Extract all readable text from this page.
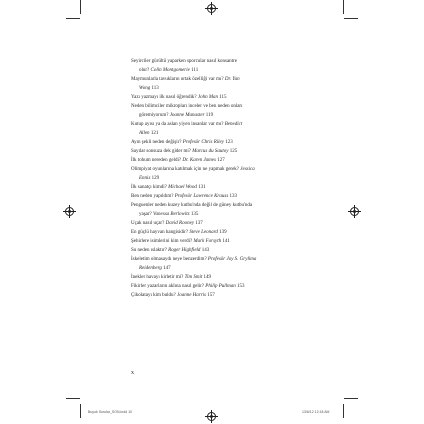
Seyirciler gürültü yaparken sporcular nasıl konsantre
olur? Colin Montgomerie 111
Maymunlarla tavukların ortak özelliği var mı? Dr. Yan
Wong 113
Yazı yazmayı ilk nasıl öğrendik? John Man 115
Neden bilimciler mikropları inceler ve ben neden onları
göremiyorum? Joanne Manaster 119
Kutup ayısı ya da aslan yiyen insanlar var mı? Benedict
Allen 121
Ayın şekli neden değişir? Profesör Chris Riley 123
Sayılar sonsuza dek gider mi? Marcus du Sautoy 125
İlk tohum nereden geldi? Dr. Karen James 127
Olimpiyat oyunlarına katılmak için ne yapmak gerek? Jessica
Ennis 129
İlk sanatçı kimdi? Michael Wood 131
Ben neden yapıldım? Profesör Lawrence Krauss 133
Penguenler neden kuzey kutbu'nda değil de güney kutbu'nda
yaşar? Vanessa Berlowitz 135
Uçak nasıl uçar? David Rooney 137
En güçlü hayvan hangisidir? Steve Leonard 139
Şehirlere isimlerini kim verdi? Mark Forsyth 141
Su neden ıslaktır? Roger Highfield 143
İskeletim olmasaydı neye benzerdim? Profesör Joy S. Grylima
Reidenberg 147
İnekler havayı kirletir mi? Tim Smit 149
Fikirler yazarların aklına nasıl gelir? Philip Pullman 153
Çikolatayı kim buldu? Joanne Harris 157
x
Buyuk Sorular_SON.indd 10	13/6/12 12:18 AM
